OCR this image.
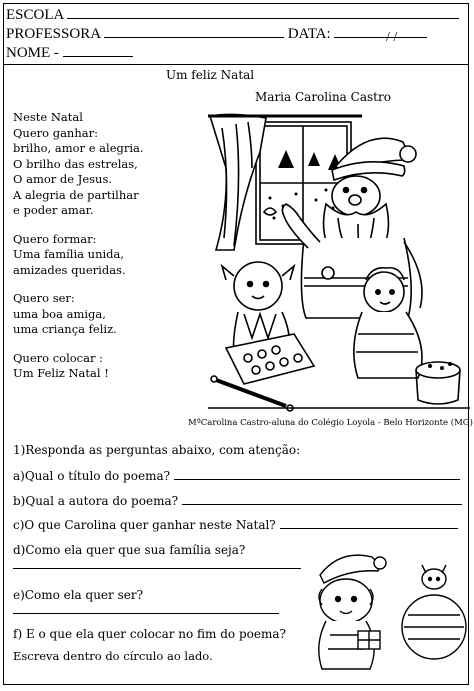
ESCOLA
PROFESSORA	DATA:	/ /
NOME -
Um feliz Natal
Maria Carolina Castro
Neste Natal
Quero ganhar:
brilho, amor e alegria.
O brilho das estrelas,
O amor de Jesus.
A alegria de partilhar
e poder amar.
Quero formar:
Uma família unida,
amizades queridas.
Quero ser:
uma boa amiga,
uma criança feliz.
Quero colocar :
Um Feliz Natal !
MªCarolina Castro-aluna do Colégio Loyola - Belo Horizonte (MG)
1)Responda as perguntas abaixo, com atenção:
a)Qual o título do poema?
b)Qual a autora do poema?
c)O que Carolina quer ganhar neste Natal?
d)Como ela quer que sua família seja?
e)Como ela quer ser?
f) E o que ela quer colocar no fim do poema?
Escreva dentro do círculo ao lado.
